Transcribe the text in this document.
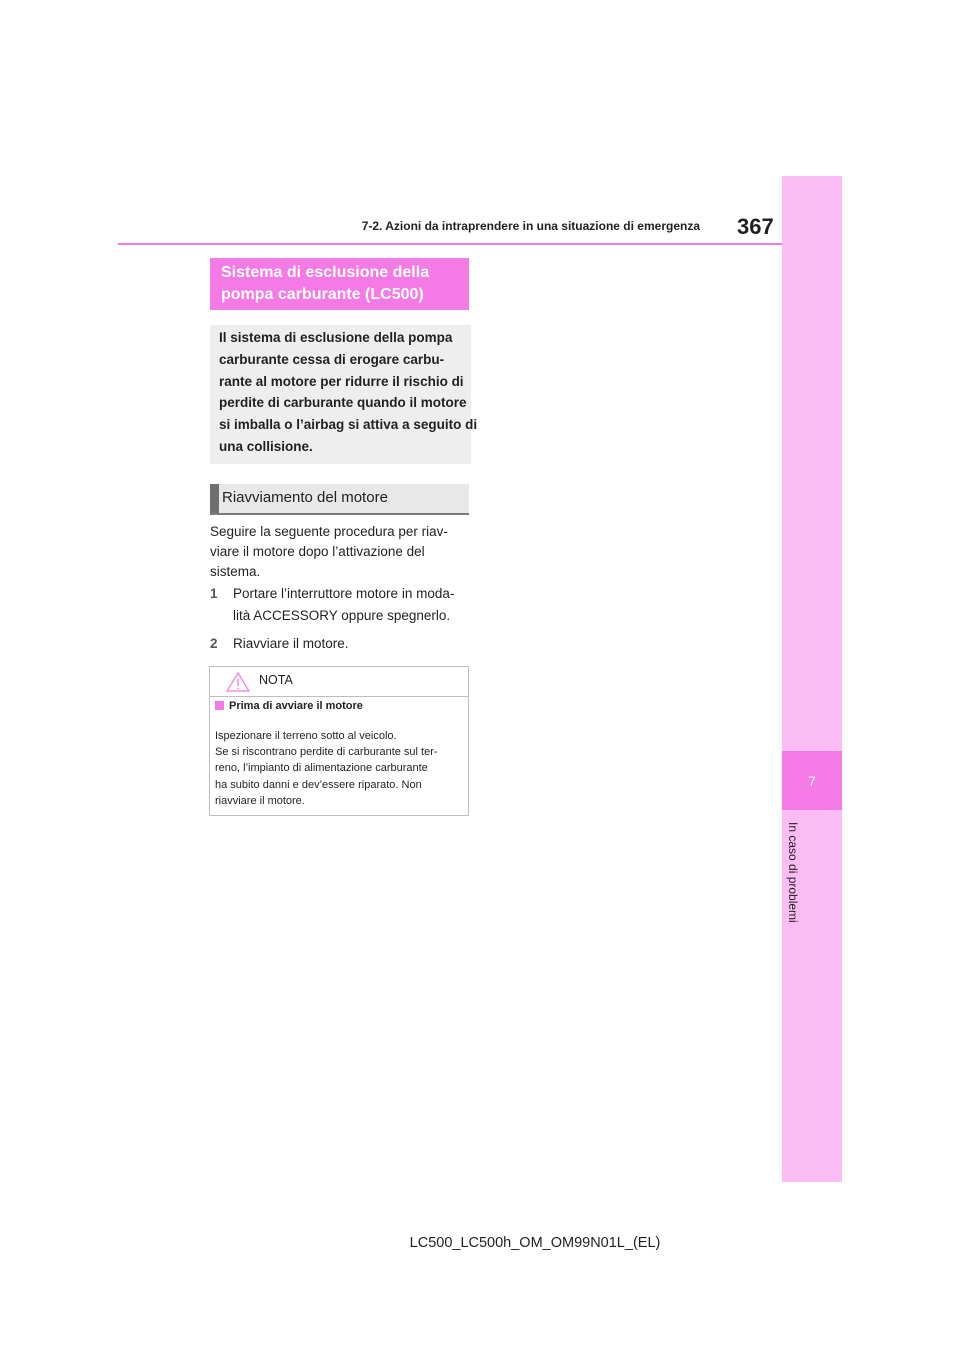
7
In caso di problemi
7-2. Azioni da intraprendere in una situazione di emergenza 367
Sistema di esclusione della
pompa carburante (LC500)
Il sistema di esclusione della pompa
carburante cessa di erogare carbu-
rante al motore per ridurre il rischio di
perdite di carburante quando il motore
si imballa o l’airbag si attiva a seguito di
una collisione.
Riavviamento del motore
Seguire la seguente procedura per riav-
viare il motore dopo l’attivazione del
sistema.
1 Portare l’interruttore motore in moda-
lità ACCESSORY oppure spegnerlo.
2 Riavviare il motore.
NOTA
Prima di avviare il motore
Ispezionare il terreno sotto al veicolo.
Se si riscontrano perdite di carburante sul ter-
reno, l’impianto di alimentazione carburante
ha subito danni e dev’essere riparato. Non
riavviare il motore.
LC500_LC500h_OM_OM99N01L_(EL)
